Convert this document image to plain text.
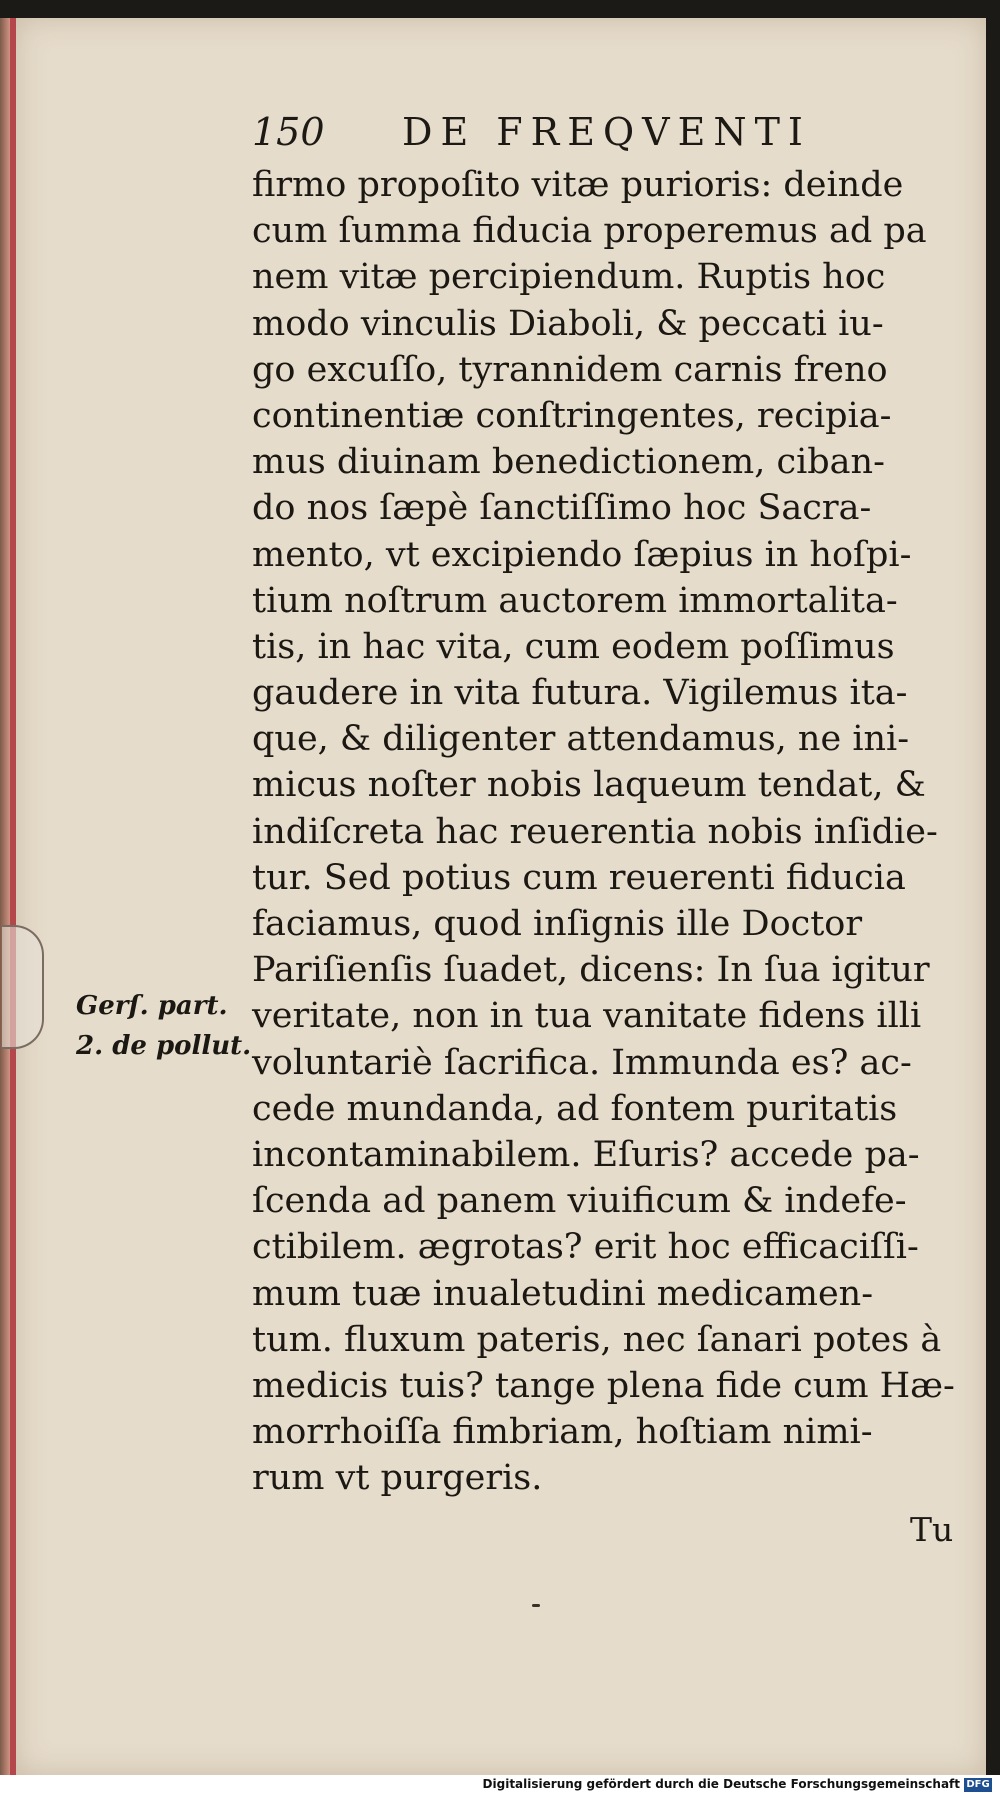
150 DE FREQVENTI
firmo propoſito vitæ purioris: deinde
cum ſumma fiducia properemus ad pa
nem vitæ percipiendum. Ruptis hoc
modo vinculis Diaboli, & peccati iu-
go excuſſo, tyrannidem carnis freno
continentiæ conſtringentes, recipia-
mus diuinam benedictionem, ciban-
do nos ſæpè ſanctiſſimo hoc Sacra-
mento, vt excipiendo ſæpius in hoſpi-
tium noſtrum auctorem immortalita-
tis, in hac vita, cum eodem poſſimus
gaudere in vita futura. Vigilemus ita-
que, & diligenter attendamus, ne ini-
micus noſter nobis laqueum tendat, &
indiſcreta hac reuerentia nobis inſidie-
tur. Sed potius cum reuerenti fiducia
faciamus, quod inſignis ille Doctor
Pariſienſis ſuadet, dicens: In ſua igitur
veritate, non in tua vanitate fidens illi
voluntariè ſacrifica. Immunda es? ac-
cede mundanda, ad fontem puritatis
incontaminabilem. Eſuris? accede pa-
ſcenda ad panem viuificum & indefe-
ctibilem. ægrotas? erit hoc efficaciſſi-
mum tuæ inualetudini medicamen-
tum. fluxum pateris, nec ſanari potes à
medicis tuis? tange plena fide cum Hæ-
morrhoiſſa fimbriam, hoſtiam nimi-
rum vt purgeris.
Gerſ. part.
2. de pollut.
Tu
Digitalisierung gefördert durch die Deutsche Forschungsgemeinschaft DFG
